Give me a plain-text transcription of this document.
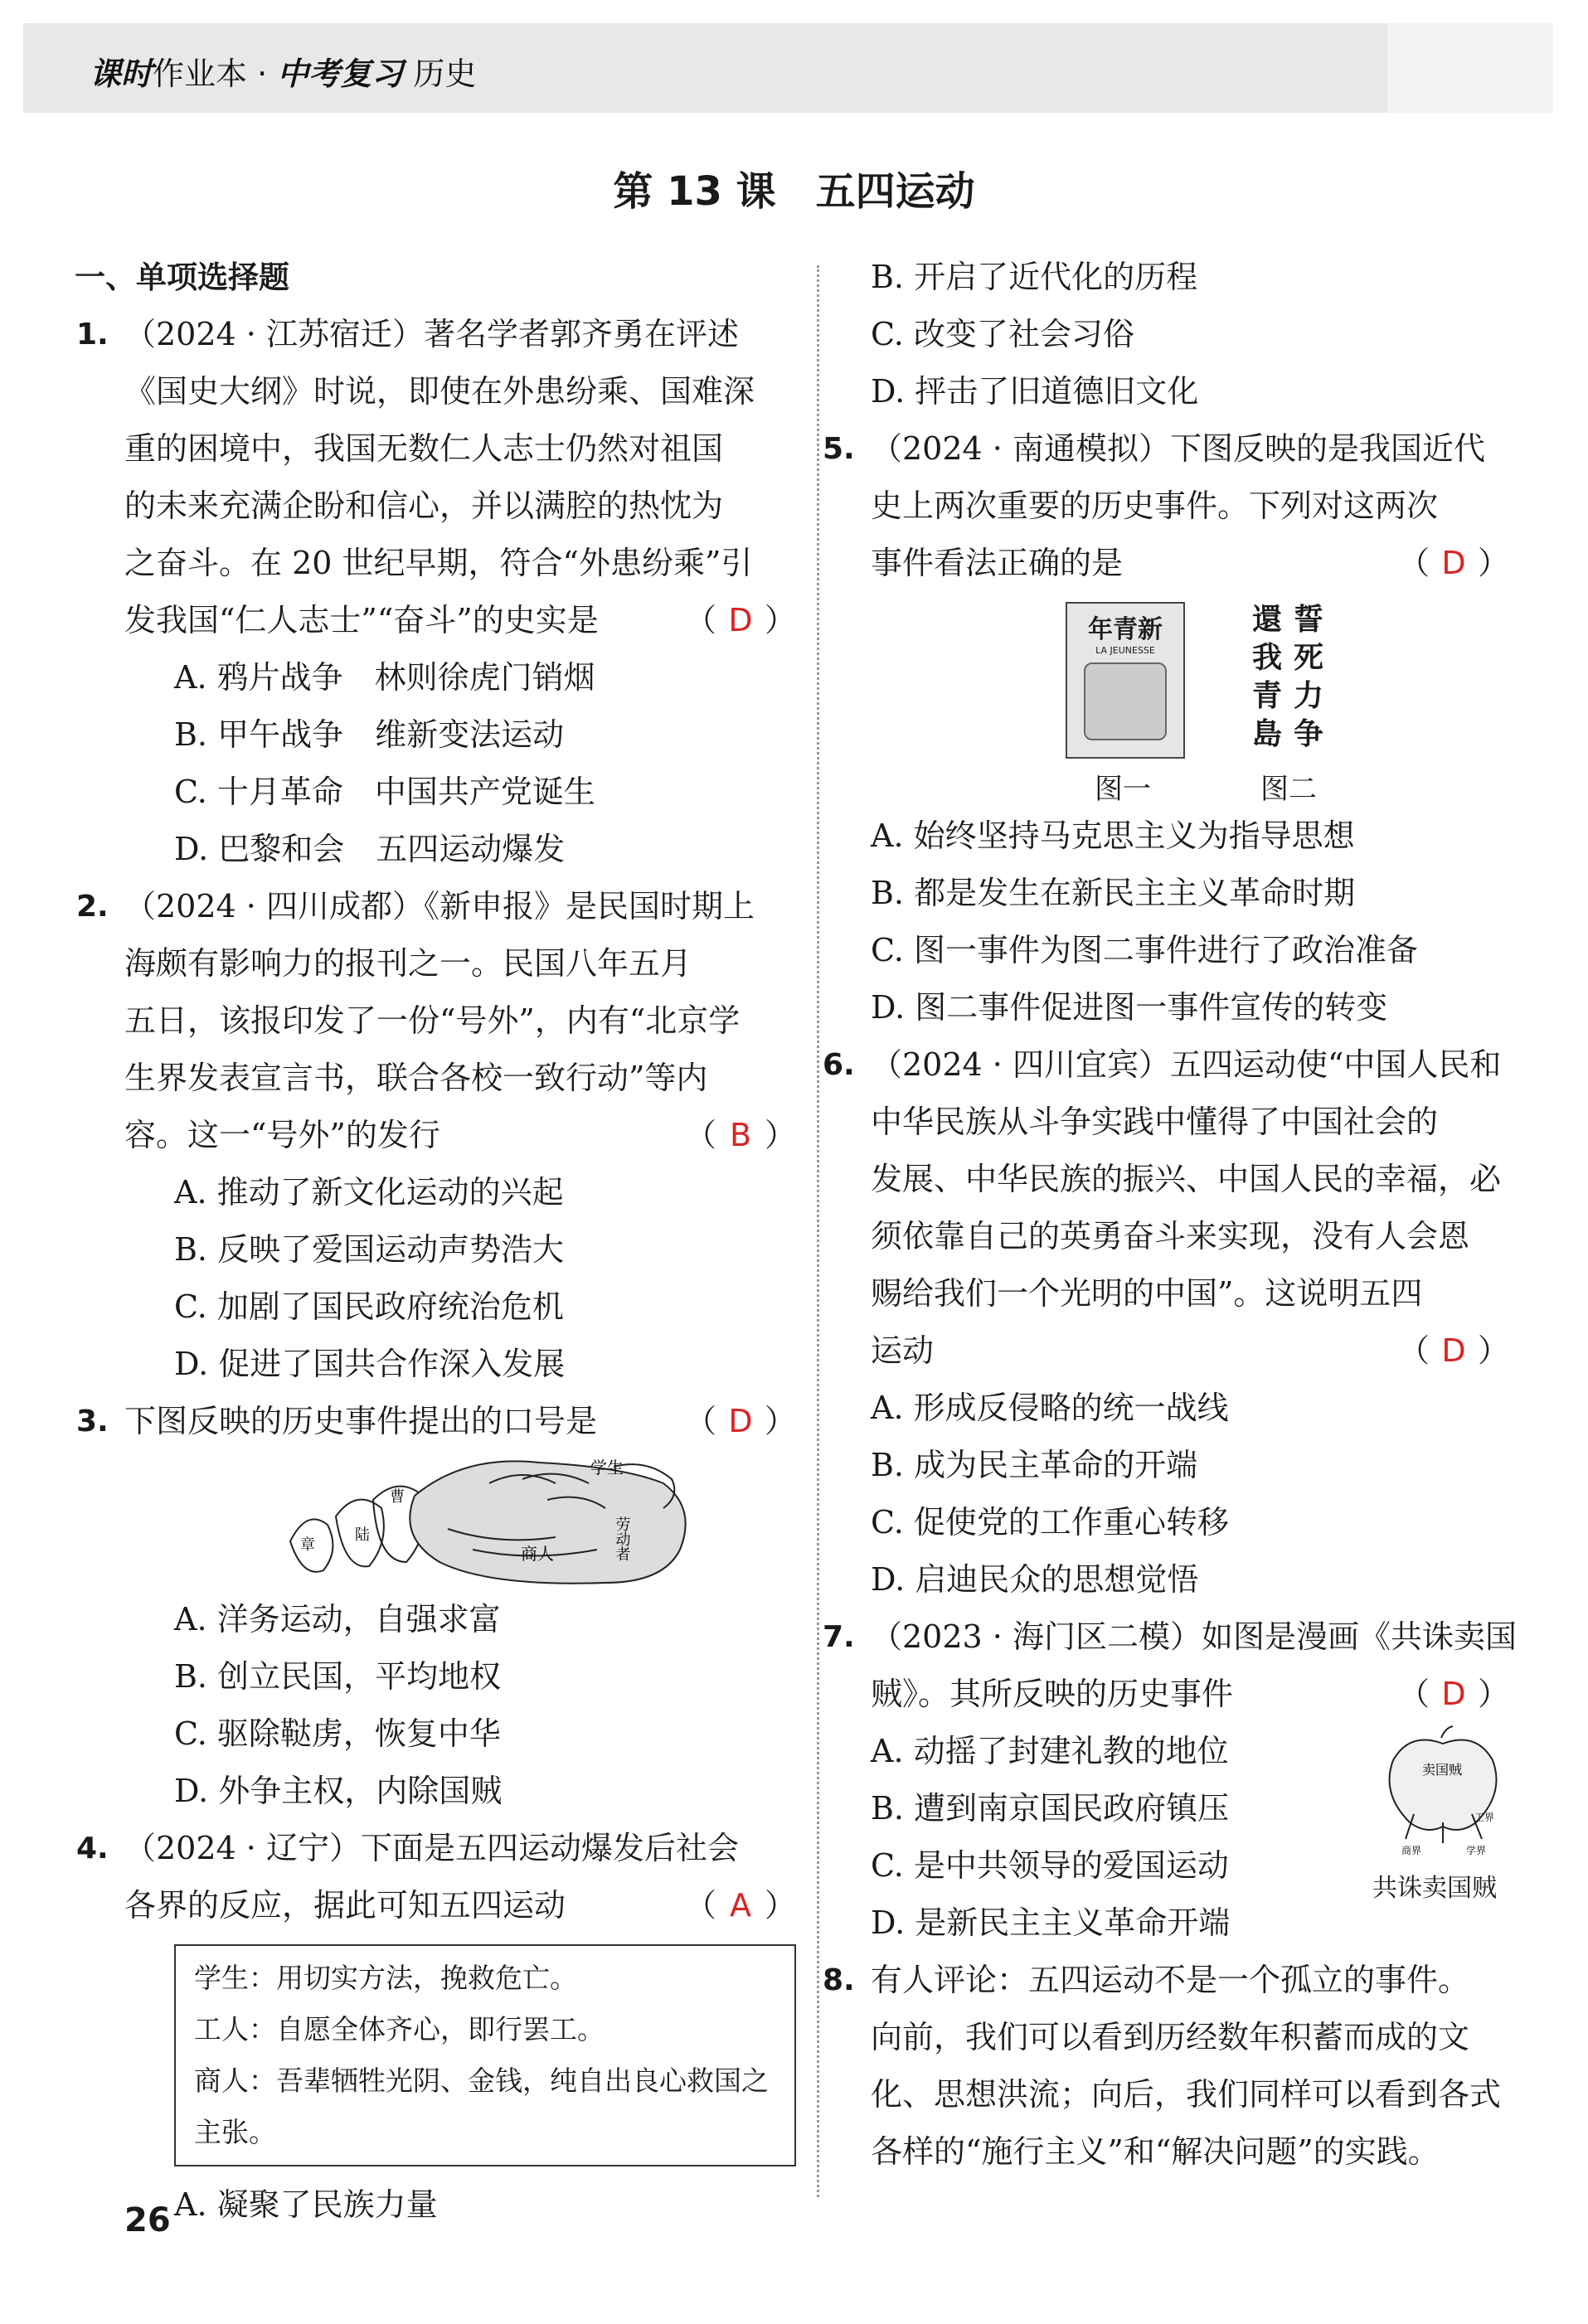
课时作业本 · 中考复习 历史
第 13 课　五四运动
一、单项选择题
1. （2024 · 江苏宿迁）著名学者郭齐勇在评述
《国史大纲》时说，即使在外患纷乘、国难深
重的困境中，我国无数仁人志士仍然对祖国
的未来充满企盼和信心，并以满腔的热忱为
之奋斗。在 20 世纪早期，符合“外患纷乘”引
发我国“仁人志士”“奋斗”的史实是	（ D ）
A. 鸦片战争　林则徐虎门销烟
B. 甲午战争　维新变法运动
C. 十月革命　中国共产党诞生
D. 巴黎和会　五四运动爆发
2. （2024 · 四川成都）《新申报》是民国时期上
海颇有影响力的报刊之一。民国八年五月
五日，该报印发了一份“号外”，内有“北京学
生界发表宣言书，联合各校一致行动”等内
容。这一“号外”的发行	（ B ）
A. 推动了新文化运动的兴起
B. 反映了爱国运动声势浩大
C. 加剧了国民政府统治危机
D. 促进了国共合作深入发展
3. 下图反映的历史事件提出的口号是	（ D ）
学生
劳动者
商人
曹
陆
章
A. 洋务运动，自强求富
B. 创立民国，平均地权
C. 驱除鞑虏，恢复中华
D. 外争主权，内除国贼
4. （2024 · 辽宁）下面是五四运动爆发后社会
各界的反应，据此可知五四运动	（ A ）
学生：用切实方法，挽救危亡。
工人：自愿全体齐心，即行罢工。
商人：吾辈牺牲光阴、金钱，纯自出良心救国之主张。
A. 凝聚了民族力量
B. 开启了近代化的历程
C. 改变了社会习俗
D. 抨击了旧道德旧文化
5. （2024 · 南通模拟）下图反映的是我国近代
史上两次重要的历史事件。下列对这两次
事件看法正确的是	（ D ）
年青新
LA JEUNESSE
誓
死
力
争
還
我
青
島
图一	图二
A. 始终坚持马克思主义为指导思想
B. 都是发生在新民主主义革命时期
C. 图一事件为图二事件进行了政治准备
D. 图二事件促进图一事件宣传的转变
6. （2024 · 四川宜宾）五四运动使“中国人民和
中华民族从斗争实践中懂得了中国社会的
发展、中华民族的振兴、中国人民的幸福，必
须依靠自己的英勇奋斗来实现，没有人会恩
赐给我们一个光明的中国”。这说明五四
运动	（ D ）
A. 形成反侵略的统一战线
B. 成为民主革命的开端
C. 促使党的工作重心转移
D. 启迪民众的思想觉悟
7. （2023 · 海门区二模）如图是漫画《共诛卖国
贼》。其所反映的历史事件	（ D ）
A. 动摇了封建礼教的地位
B. 遭到南京国民政府镇压
C. 是中共领导的爱国运动
D. 是新民主主义革命开端
卖国贼
工界
商界	学界
共诛卖国贼
8. 有人评论：五四运动不是一个孤立的事件。
向前，我们可以看到历经数年积蓄而成的文
化、思想洪流；向后，我们同样可以看到各式
各样的“施行主义”和“解决问题”的实践。
26
